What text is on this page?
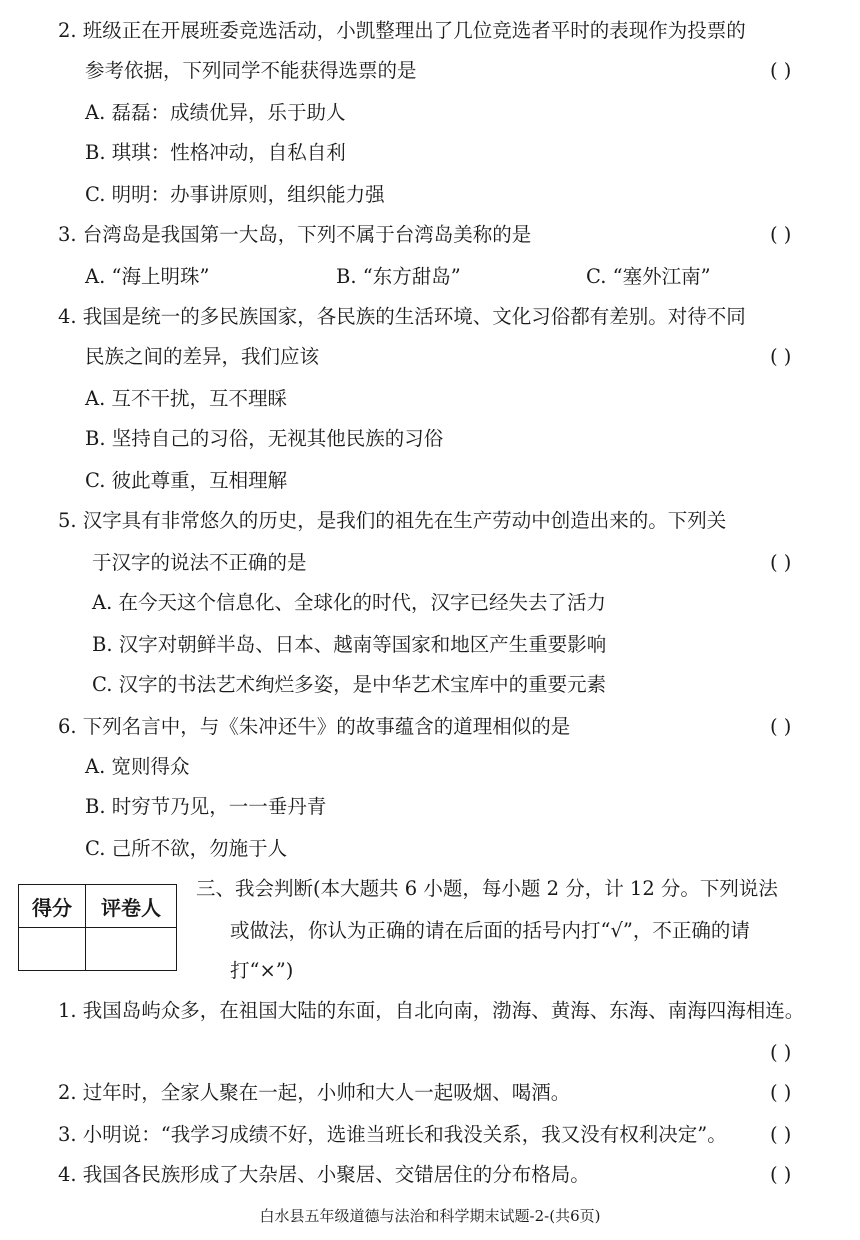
2. 班级正在开展班委竞选活动，小凯整理出了几位竞选者平时的表现作为投票的
参考依据，下列同学不能获得选票的是	( )
A. 磊磊：成绩优异，乐于助人
B. 琪琪：性格冲动，自私自利
C. 明明：办事讲原则，组织能力强
3. 台湾岛是我国第一大岛，下列不属于台湾岛美称的是	( )
A. “海上明珠”	B. “东方甜岛”	C. “塞外江南”
4. 我国是统一的多民族国家，各民族的生活环境、文化习俗都有差别。对待不同
民族之间的差异，我们应该	( )
A. 互不干扰，互不理睬
B. 坚持自己的习俗，无视其他民族的习俗
C. 彼此尊重，互相理解
5. 汉字具有非常悠久的历史，是我们的祖先在生产劳动中创造出来的。下列关
于汉字的说法不正确的是	( )
A. 在今天这个信息化、全球化的时代，汉字已经失去了活力
B. 汉字对朝鲜半岛、日本、越南等国家和地区产生重要影响
C. 汉字的书法艺术绚烂多姿，是中华艺术宝库中的重要元素
6. 下列名言中，与《朱冲还牛》的故事蕴含的道理相似的是	( )
A. 宽则得众
B. 时穷节乃见，一一垂丹青
C. 己所不欲，勿施于人
得分	评卷人

三、我会判断(本大题共 6 小题，每小题 2 分，计 12 分。下列说法
或做法，你认为正确的请在后面的括号内打“√”，不正确的请
打“×”)
1. 我国岛屿众多，在祖国大陆的东面，自北向南，渤海、黄海、东海、南海四海相连。
( )
2. 过年时，全家人聚在一起，小帅和大人一起吸烟、喝酒。	( )
3. 小明说：“我学习成绩不好，选谁当班长和我没关系，我又没有权利决定”。 ( )
4. 我国各民族形成了大杂居、小聚居、交错居住的分布格局。	( )
白水县五年级道德与法治和科学期末试题-2-(共6页)
